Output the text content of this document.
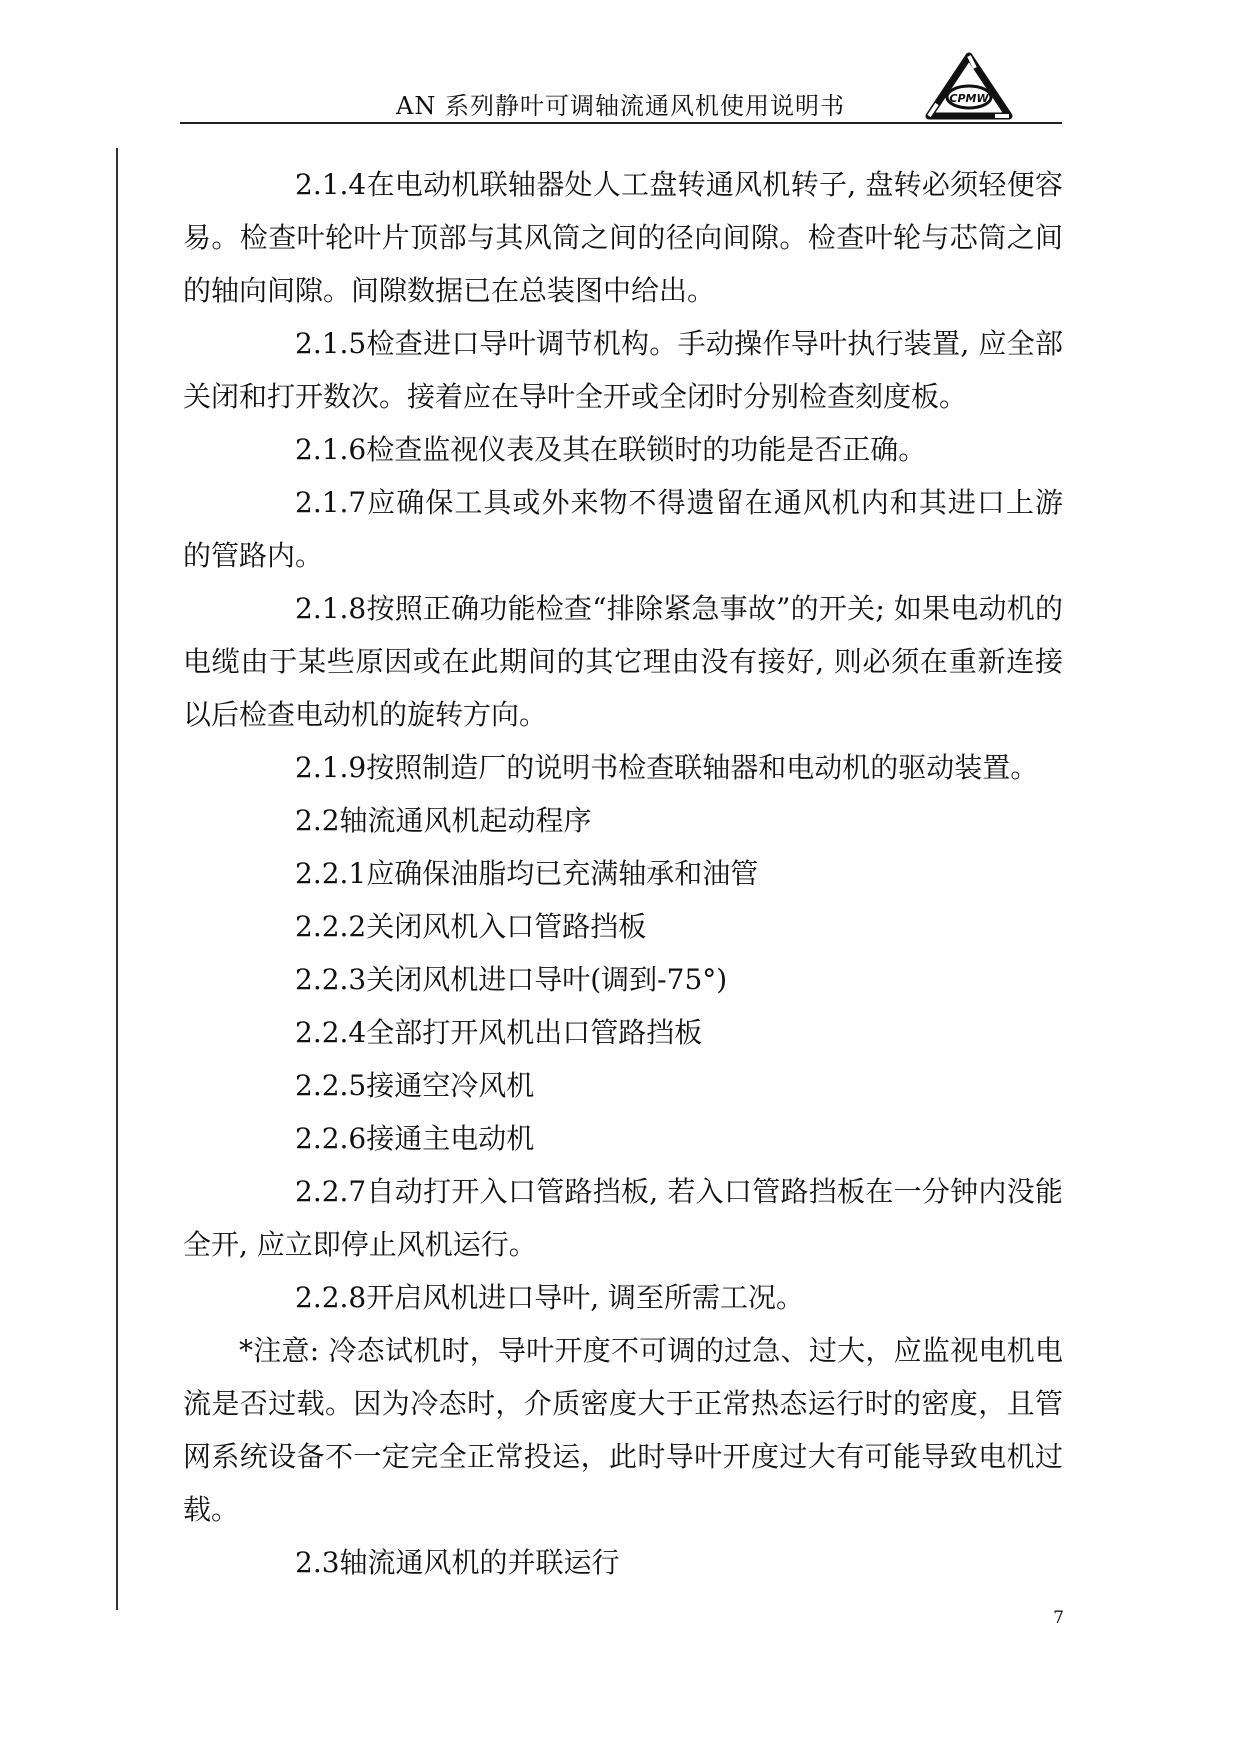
AN 系列静叶可调轴流通风机使用说明书	CPMW

2.1.4在电动机联轴器处人工盘转通风机转子, 盘转必须轻便容易。检查叶轮叶片顶部与其风筒之间的径向间隙。检查叶轮与芯筒之间的轴向间隙。间隙数据已在总装图中给出。

2.1.5检查进口导叶调节机构。手动操作导叶执行装置, 应全部关闭和打开数次。接着应在导叶全开或全闭时分别检查刻度板。

2.1.6检查监视仪表及其在联锁时的功能是否正确。

2.1.7应确保工具或外来物不得遗留在通风机内和其进口上游的管路内。

2.1.8按照正确功能检查“排除紧急事故”的开关; 如果电动机的电缆由于某些原因或在此期间的其它理由没有接好, 则必须在重新连接以后检查电动机的旋转方向。

2.1.9按照制造厂的说明书检查联轴器和电动机的驱动装置。

2.2轴流通风机起动程序

2.2.1应确保油脂均已充满轴承和油管

2.2.2关闭风机入口管路挡板

2.2.3关闭风机进口导叶(调到-75°)

2.2.4全部打开风机出口管路挡板

2.2.5接通空冷风机

2.2.6接通主电动机

2.2.7自动打开入口管路挡板, 若入口管路挡板在一分钟内没能全开, 应立即停止风机运行。

2.2.8开启风机进口导叶, 调至所需工况。

*注意: 冷态试机时，导叶开度不可调的过急、过大，应监视电机电流是否过载。因为冷态时，介质密度大于正常热态运行时的密度，且管网系统设备不一定完全正常投运，此时导叶开度过大有可能导致电机过载。

2.3轴流通风机的并联运行

7
